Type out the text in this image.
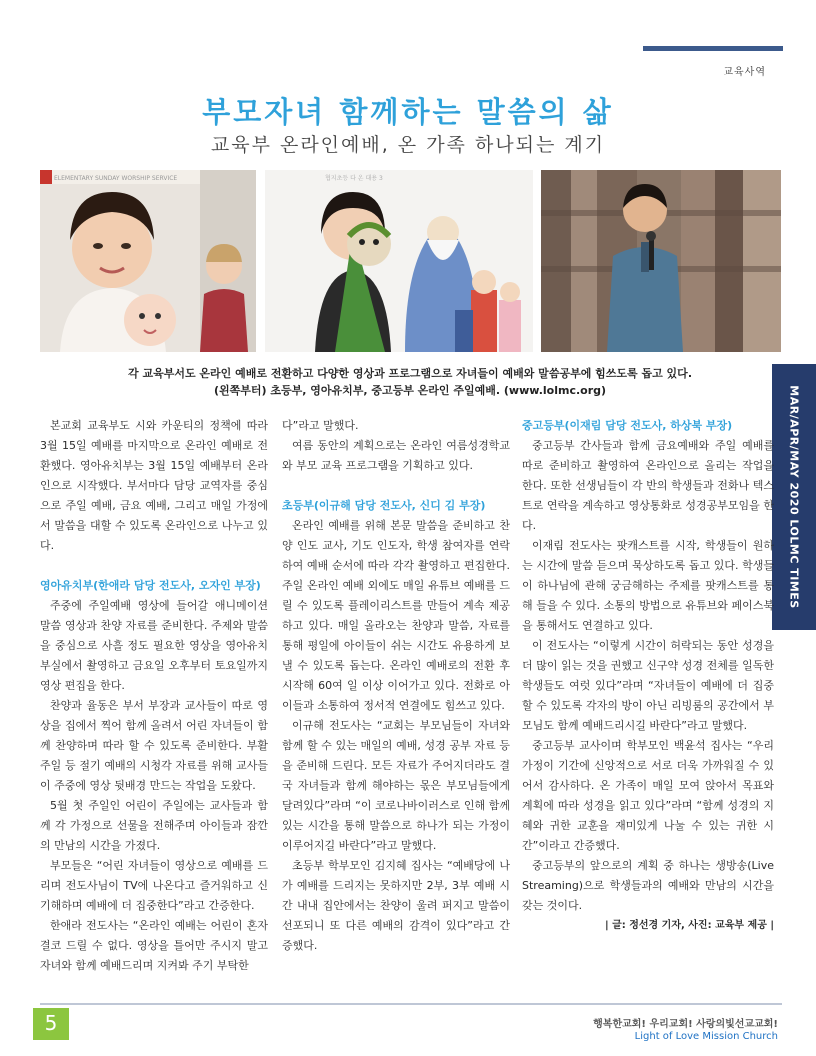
교육사역
부모자녀 함께하는 말씀의 삶
교육부 온라인예배, 온 가족 하나되는 계기
ELEMENTARY SUNDAY WORSHIP SERVICE	협지초등 다 온 대용 3
각 교육부서도 온라인 예배로 전환하고 다양한 영상과 프로그램으로 자녀들이 예배와 말씀공부에 힘쓰도록 돕고 있다.
(왼쪽부터) 초등부, 영아유치부, 중고등부 온라인 주일예배. (www.lolmc.org)	MAR/APR/MAY 2020 LOLMC TIMES

본교회 교육부도 시와 카운티의 정책에 따라 3월 15일 예배를 마지막으로 온라인 예배로 전환했다. 영아유치부는 3월 15일 예배부터 온라인으로 시작했다. 부서마다 담당 교역자를 중심으로 주일 예배, 금요 예배, 그리고 매일 가정에서 말씀을 대할 수 있도록 온라인으로 나누고 있다.

영아유치부(한애라 담당 전도사, 오자인 부장)

주중에 주일예배 영상에 들어갈 애니메이션 말씀 영상과 찬양 자료를 준비한다. 주제와 말씀을 중심으로 사흘 정도 필요한 영상을 영아유치부실에서 촬영하고 금요일 오후부터 토요일까지 영상 편집을 한다.

찬양과 율동은 부서 부장과 교사들이 따로 영상을 집에서 찍어 함께 올려서 어린 자녀들이 함께 찬양하며 따라 할 수 있도록 준비한다. 부활주일 등 절기 예배의 시청각 자료를 위해 교사들이 주중에 영상 뒷배경 만드는 작업을 도왔다.

5월 첫 주일인 어린이 주일에는 교사들과 함께 각 가정으로 선물을 전해주며 아이들과 잠깐의 만남의 시간을 가졌다.

부모들은 “어린 자녀들이 영상으로 예배를 드리며 전도사님이 TV에 나온다고 즐거워하고 신기해하며 예배에 더 집중한다”라고 간증한다.

한애라 전도사는 “온라인 예배는 어린이 혼자 결코 드릴 수 없다. 영상을 틀어만 주시지 말고 자녀와 함께 예배드리며 지켜봐 주기 부탁한

다”라고 말했다.

여름 동안의 계획으로는 온라인 여름성경학교와 부모 교육 프로그램을 기획하고 있다.

초등부(이규해 담당 전도사, 신디 김 부장)

온라인 예배를 위해 본문 말씀을 준비하고 찬양 인도 교사, 기도 인도자, 학생 참여자를 연락하여 예배 순서에 따라 각각 촬영하고 편집한다. 주일 온라인 예배 외에도 매일 유튜브 예배를 드릴 수 있도록 플레이리스트를 만들어 계속 제공하고 있다. 매일 올라오는 찬양과 말씀, 자료를 통해 평일에 아이들이 쉬는 시간도 유용하게 보낼 수 있도록 돕는다. 온라인 예배로의 전환 후 시작해 60여 일 이상 이어가고 있다. 전화로 아이들과 소통하여 정서적 연결에도 힘쓰고 있다.

이규해 전도사는 “교회는 부모님들이 자녀와 함께 할 수 있는 매일의 예배, 성경 공부 자료 등을 준비해 드린다. 모든 자료가 주어지더라도 결국 자녀들과 함께 해야하는 몫은 부모님들에게 달려있다”라며 “이 코로나바이러스로 인해 함께 있는 시간을 통해 말씀으로 하나가 되는 가정이 이루어지길 바란다”라고 말했다.

초등부 학부모인 김지혜 집사는 “예배당에 나가 예배를 드리지는 못하지만 2부, 3부 예배 시간 내내 집안에서는 찬양이 울려 퍼지고 말씀이 선포되니 또 다른 예배의 감격이 있다”라고 간증했다.

중고등부(이재림 담당 전도사, 하상북 부장)

중고등부 간사들과 함께 금요예배와 주일 예배를 따로 준비하고 촬영하여 온라인으로 올리는 작업을 한다. 또한 선생님들이 각 반의 학생들과 전화나 텍스트로 연락을 계속하고 영상통화로 성경공부모임을 한다.

이재림 전도사는 팟캐스트를 시작, 학생들이 원하는 시간에 말씀 듣으며 묵상하도록 돕고 있다. 학생들이 하나님에 관해 궁금해하는 주제를 팟캐스트를 통해 들을 수 있다. 소통의 방법으로 유튜브와 페이스북을 통해서도 연결하고 있다.

이 전도사는 “이렇게 시간이 허락되는 동안 성경을 더 많이 읽는 것을 권했고 신구약 성경 전체를 일독한 학생들도 여럿 있다”라며 “자녀들이 예배에 더 집중할 수 있도록 각자의 방이 아닌 리빙룸의 공간에서 부모님도 함께 예배드리시길 바란다”라고 말했다.

중고등부 교사이며 학부모인 백윤석 집사는 “우리 가정이 기간에 신앙적으로 서로 더욱 가까워질 수 있어서 감사하다. 온 가족이 매일 모여 앉아서 목표와 계획에 따라 성경을 읽고 있다”라며 “함께 성경의 지혜와 귀한 교훈을 재미있게 나눌 수 있는 귀한 시간”이라고 간증했다.

중고등부의 앞으로의 계획 중 하나는 생방송(Live Streaming)으로 학생들과의 예배와 만남의 시간을 갖는 것이다.

| 글: 정선경 기자, 사진: 교육부 제공 |

5	행복한교회! 우리교회! 사랑의빛선교교회!
Light of Love Mission Church
